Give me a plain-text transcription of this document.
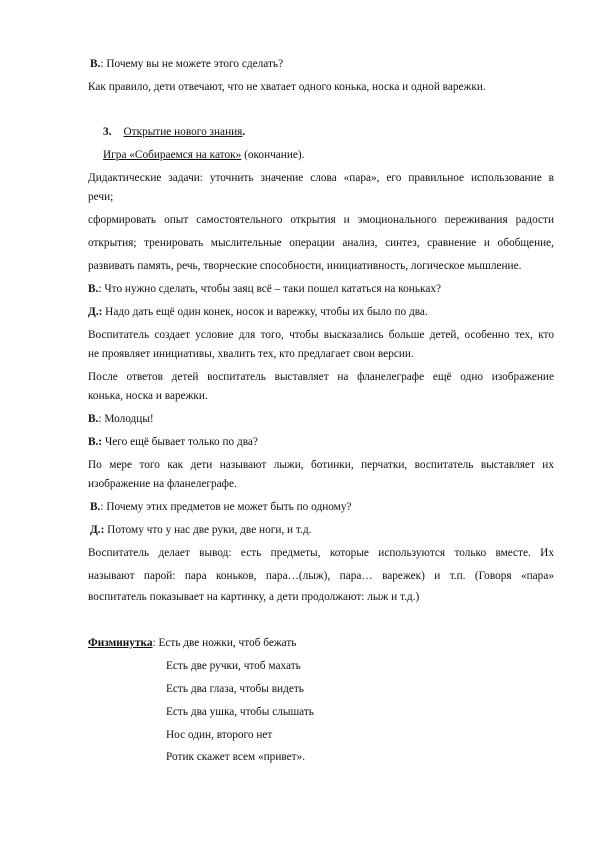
В.: Почему вы не можете этого сделать?
Как правило, дети отвечают, что не хватает одного конька, носка и одной варежки.
3. Открытие нового знания.
Игра «Собираемся на каток» (окончание).
Дидактические задачи: уточнить значение слова «пара», его правильное использование в
речи;
сформировать опыт самостоятельного открытия и эмоционального переживания радости
открытия; тренировать мыслительные операции анализ, синтез, сравнение и обобщение,
развивать память, речь, творческие способности, инициативность, логическое мышление.
В.: Что нужно сделать, чтобы заяц всё – таки пошел кататься на коньках?
Д.: Надо дать ещё один конек, носок и варежку, чтобы их было по два.
Воспитатель создает условие для того, чтобы высказались больше детей, особенно тех, кто
не проявляет инициативы, хвалить тех, кто предлагает свои версии.
После ответов детей воспитатель выставляет на фланелеграфе ещё одно изображение
конька, носка и варежки.
В.: Молодцы!
В.: Чего ещё бывает только по два?
По мере того как дети называют лыжи, ботинки, перчатки, воспитатель выставляет их
изображение на фланелеграфе.
В.: Почему этих предметов не может быть по одному?
Д.: Потому что у нас две руки, две ноги, и т.д.
Воспитатель делает вывод: есть предметы, которые используются только вместе. Их
называют парой: пара коньков, пара…(лыж), пара… варежек) и т.п. (Говоря «пара»
воспитатель показывает на картинку, а дети продолжают: лыж и т.д.)
Физминутка: Есть две ножки, чтоб бежать
Есть две ручки, чтоб махать
Есть два глаза, чтобы видеть
Есть два ушка, чтобы слышать
Нос один, второго нет
Ротик скажет всем «привет».
